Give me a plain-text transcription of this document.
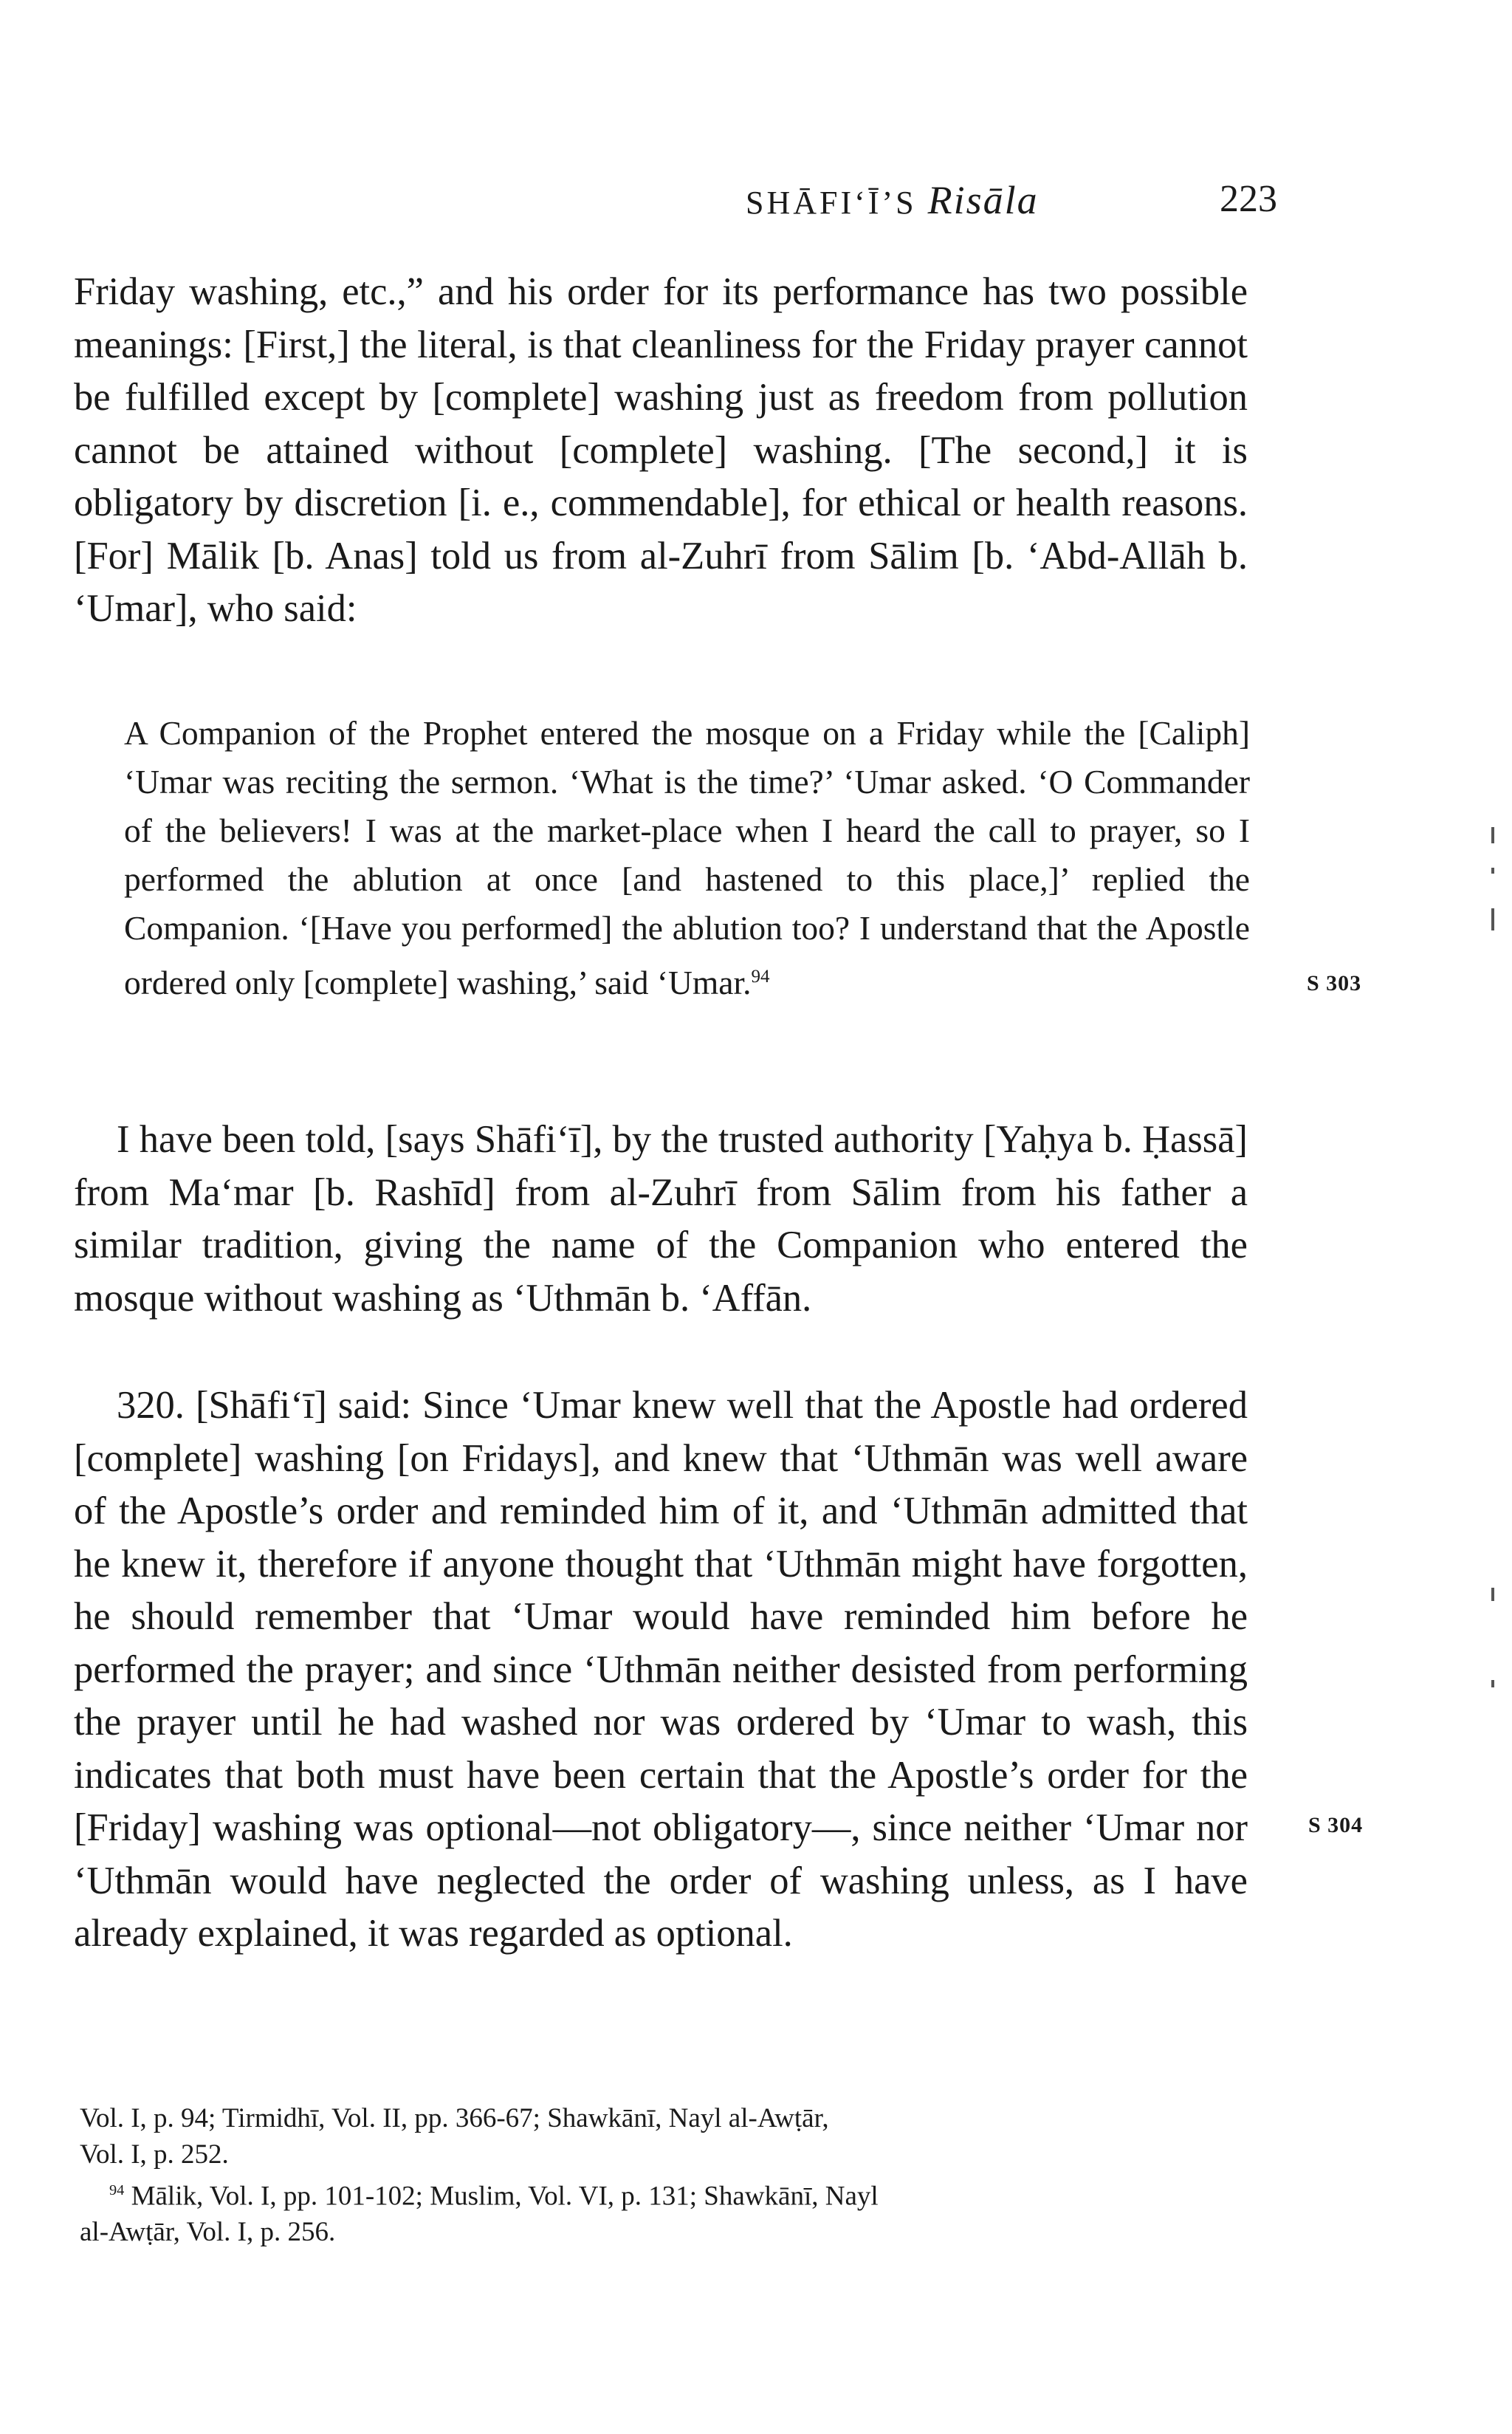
SHĀFI‘Ī’S Risāla	223

Friday washing, etc.,” and his order for its performance has two possible meanings: [First,] the literal, is that cleanliness for the Friday prayer cannot be fulfilled except by [complete] washing just as freedom from pollution cannot be attained without [complete] washing. [The second,] it is obligatory by discretion [i. e., commendable], for ethical or health reasons. [For] Mālik [b. Anas] told us from al-Zuhrī from Sālim [b. ‘Abd-Allāh b. ‘Umar], who said:

A Companion of the Prophet entered the mosque on a Friday while the [Caliph] ‘Umar was reciting the sermon. ‘What is the time?’ ‘Umar asked. ‘O Commander of the believers! I was at the market-place when I heard the call to prayer, so I performed the ablution at once [and hastened to this place,]’ replied the Companion. ‘[Have you performed] the ablution too? I understand that the Apostle ordered only [complete] washing,’ said ‘Umar.$^{94}$

I have been told, [says Shāfi‘ī], by the trusted authority [Yaḥya b. Ḥassā] from Ma‘mar [b. Rashīd] from al-Zuhrī from Sālim from his father a similar tradition, giving the name of the Companion who entered the mosque without washing as ‘Uthmān b. ‘Affān.

320. [Shāfi‘ī] said: Since ‘Umar knew well that the Apostle had ordered [complete] washing [on Fridays], and knew that ‘Uthmān was well aware of the Apostle’s order and reminded him of it, and ‘Uthmān admitted that he knew it, therefore if anyone thought that ‘Uthmān might have forgotten, he should remember that ‘Umar would have reminded him before he performed the prayer; and since ‘Uthmān neither desisted from performing the prayer until he had washed nor was ordered by ‘Umar to wash, this indicates that both must have been certain that the Apostle’s order for the [Friday] washing was optional—not obligatory—, since neither ‘Umar nor ‘Uthmān would have neglected the order of washing unless, as I have already explained, it was regarded as optional.

S 303
S 304
Vol. I, p. 94; Tirmidhī, Vol. II, pp. 366-67; Shawkānī, Nayl al-Awṭār,
Vol. I, p. 252.
$^{94}$ Mālik, Vol. I, pp. 101-102; Muslim, Vol. VI, p. 131; Shawkānī, Nayl
al-Awṭār, Vol. I, p. 256.
